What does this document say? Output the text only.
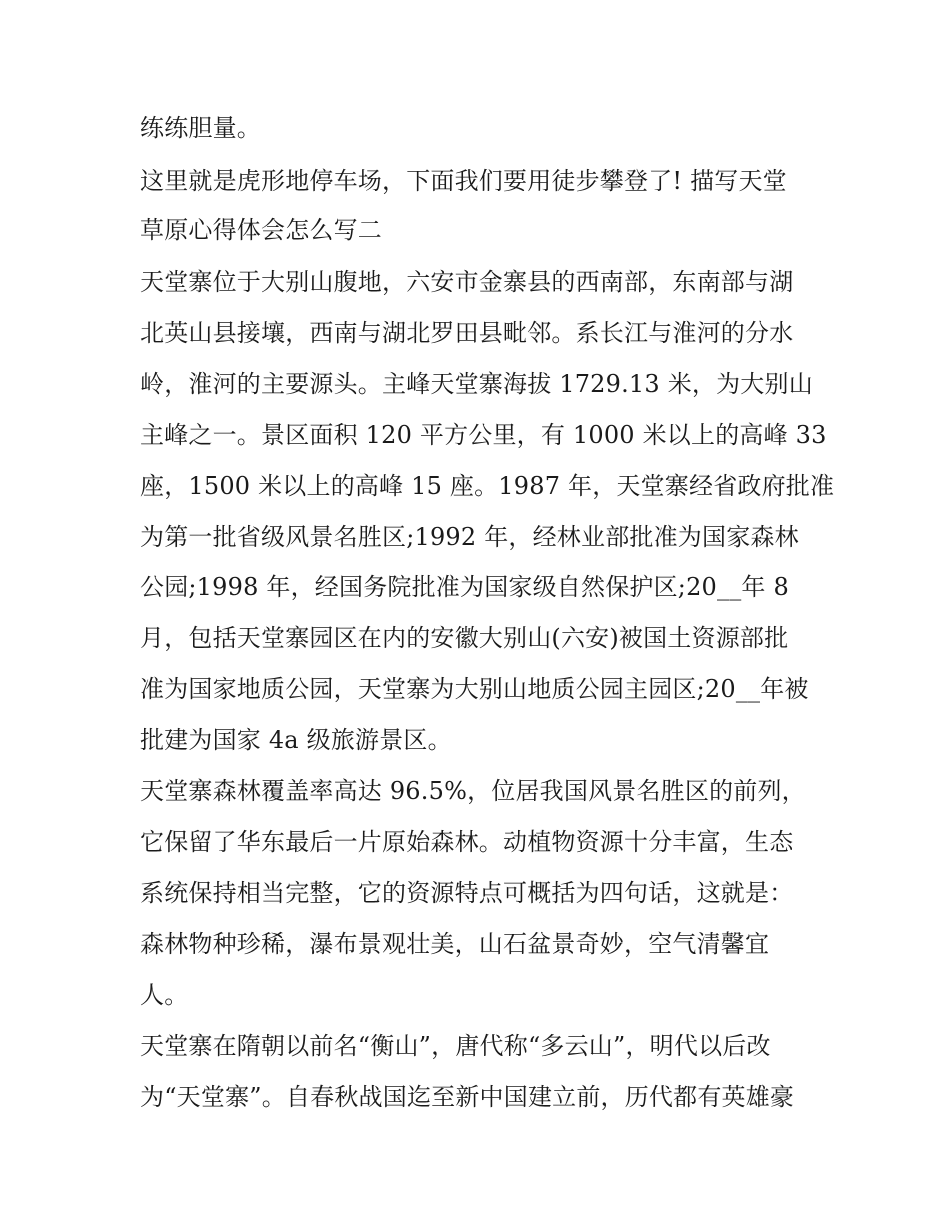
练练胆量。
这里就是虎形地停车场，下面我们要用徒步攀登了! 描写天堂
草原心得体会怎么写二
天堂寨位于大别山腹地，六安市金寨县的西南部，东南部与湖
北英山县接壤，西南与湖北罗田县毗邻。系长江与淮河的分水
岭，淮河的主要源头。主峰天堂寨海拔 1729.13 米，为大别山
主峰之一。景区面积 120 平方公里，有 1000 米以上的高峰 33
座，1500 米以上的高峰 15 座。1987 年，天堂寨经省政府批准
为第一批省级风景名胜区;1992 年，经林业部批准为国家森林
公园;1998 年，经国务院批准为国家级自然保护区;20__年 8
月，包括天堂寨园区在内的安徽大别山(六安)被国土资源部批
准为国家地质公园，天堂寨为大别山地质公园主园区;20__年被
批建为国家 4a 级旅游景区。
天堂寨森林覆盖率高达 96.5%，位居我国风景名胜区的前列，
它保留了华东最后一片原始森林。动植物资源十分丰富，生态
系统保持相当完整，它的资源特点可概括为四句话，这就是：
森林物种珍稀，瀑布景观壮美，山石盆景奇妙，空气清馨宜
人。
天堂寨在隋朝以前名“衡山”，唐代称“多云山”，明代以后改
为“天堂寨”。自春秋战国迄至新中国建立前，历代都有英雄豪
